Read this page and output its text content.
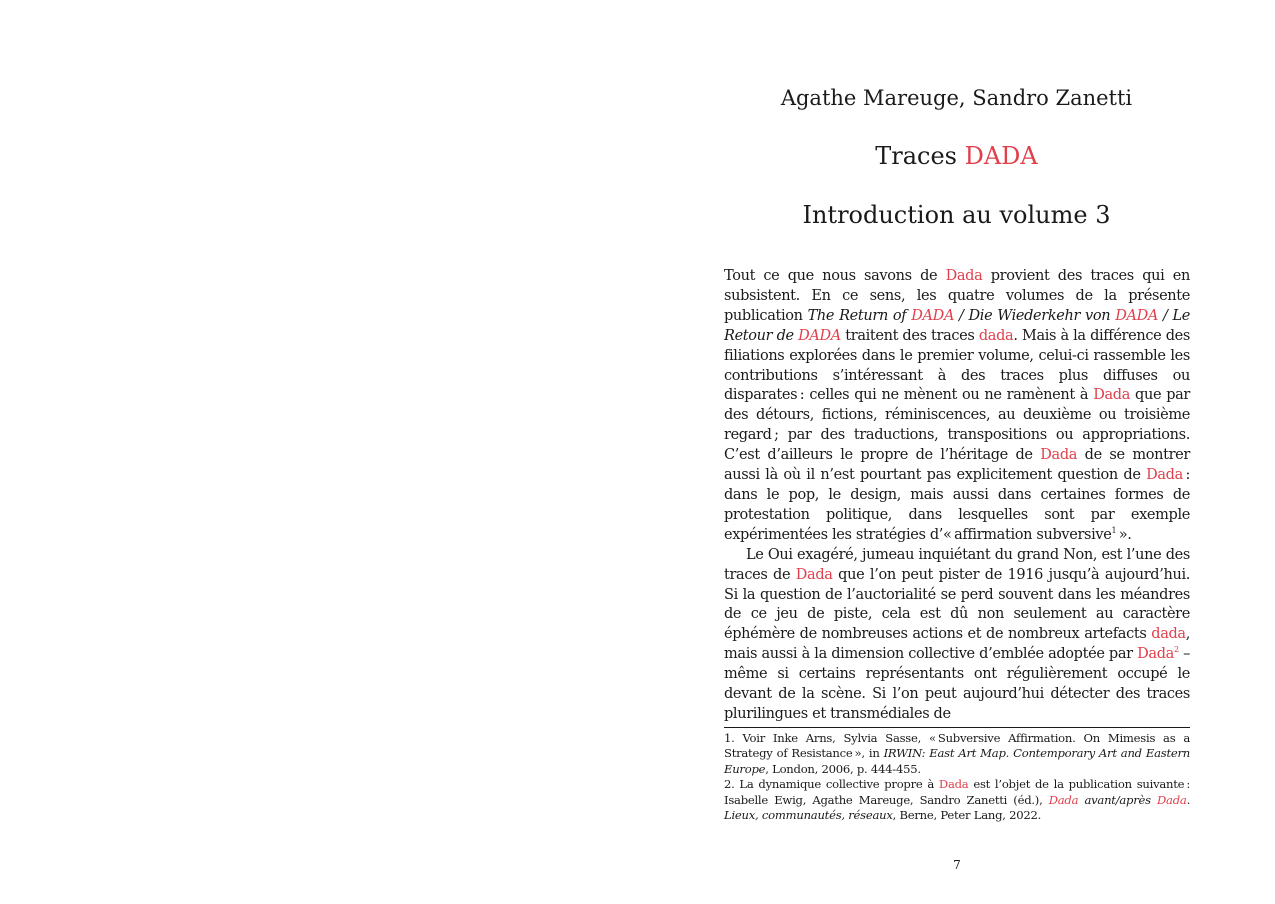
Agathe Mareuge, Sandro Zanetti
Traces DADA
Introduction au volume 3

Tout ce que nous savons de Dada provient des traces qui en subsistent. En ce sens, les quatre volumes de la présente publication The Return of DADA / Die Wiederkehr von DADA / Le Retour de DADA traitent des traces dada. Mais à la différence des filiations explorées dans le premier volume, celui-ci rassemble les contributions s’intéressant à des traces plus diffuses ou disparates : celles qui ne mènent ou ne ramènent à Dada que par des détours, fictions, réminiscences, au deuxième ou troisième regard ; par des traductions, transpositions ou appropriations. C’est d’ailleurs le propre de l’héritage de Dada de se montrer aussi là où il n’est pourtant pas explicitement question de Dada : dans le pop, le design, mais aussi dans certaines formes de protestation politique, dans lesquelles sont par exemple expérimentées les stratégies d’« affirmation subversive$^1$ ».

Le Oui exagéré, jumeau inquiétant du grand Non, est l’une des traces de Dada que l’on peut pister de 1916 jusqu’à aujourd’hui. Si la question de l’auctorialité se perd souvent dans les méandres de ce jeu de piste, cela est dû non seulement au caractère éphémère de nombreuses actions et de nombreux artefacts dada, mais aussi à la dimension collective d’emblée adoptée par Dada$^2$ – même si certains représentants ont régulièrement occupé le devant de la scène. Si l’on peut aujourd’hui détecter des traces plurilingues et transmédiales de

1. Voir Inke Arns, Sylvia Sasse, « Subversive Affirmation. On Mimesis as a Strategy of Resistance », in IRWIN: East Art Map. Contemporary Art and Eastern Europe, London, 2006, p. 444-455.

2. La dynamique collective propre à Dada est l’objet de la publication suivante : Isabelle Ewig, Agathe Mareuge, Sandro Zanetti (éd.), Dada avant/après Dada. Lieux, communautés, réseaux, Berne, Peter Lang, 2022.

7
